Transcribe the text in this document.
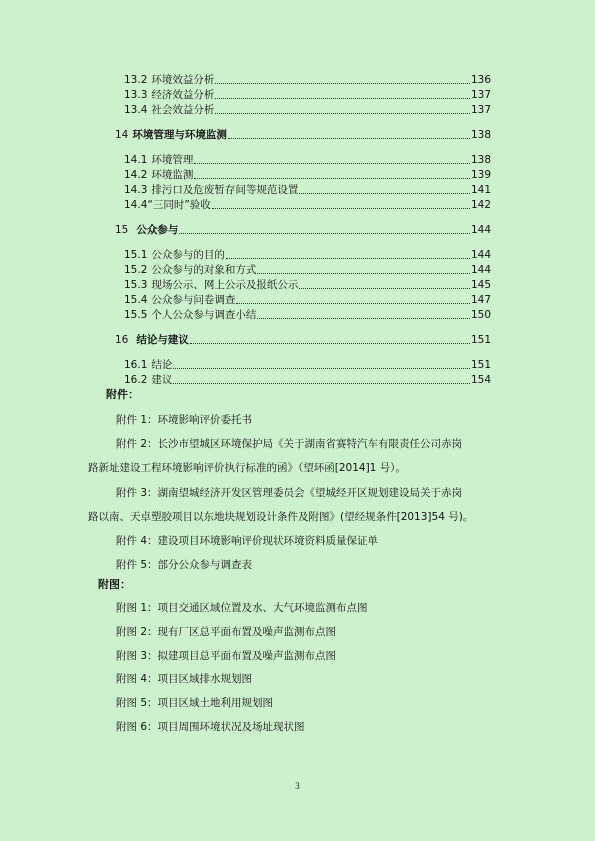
13.2 环境效益分析	136
13.3 经济效益分析	137
13.4 社会效益分析	137
14 环境管理与环境监测	138
14.1 环境管理	138
14.2 环境监测	139
14.3 排污口及危废暂存间等规范设置	141
14.4 “三同时”验收	142
15 公众参与	144
15.1 公众参与的目的	144
15.2 公众参与的对象和方式	144
15.3 现场公示、网上公示及报纸公示	145
15.4 公众参与问卷调查	147
15.5 个人公众参与调查小结	150
16 结论与建议	151
16.1 结论	151
16.2 建议	154
附件：
附件 1：环境影响评价委托书
附件 2：长沙市望城区环境保护局《关于湖南省赛特汽车有限责任公司赤岗
路新址建设工程环境影响评价执行标准的函》（望环函[2014]1 号）。
附件 3：湖南望城经济开发区管理委员会《望城经开区规划建设局关于赤岗
路以南、天卓塑胶项目以东地块规划设计条件及附图》(望经规条件[2013]54 号)。
附件 4：建设项目环境影响评价现状环境资料质量保证单
附件 5：部分公众参与调查表
附图：
附图 1：项目交通区域位置及水、大气环境监测布点图
附图 2：现有厂区总平面布置及噪声监测布点图
附图 3：拟建项目总平面布置及噪声监测布点图
附图 4：项目区域排水规划图
附图 5：项目区域土地利用规划图
附图 6：项目周围环境状况及场址现状图
3
